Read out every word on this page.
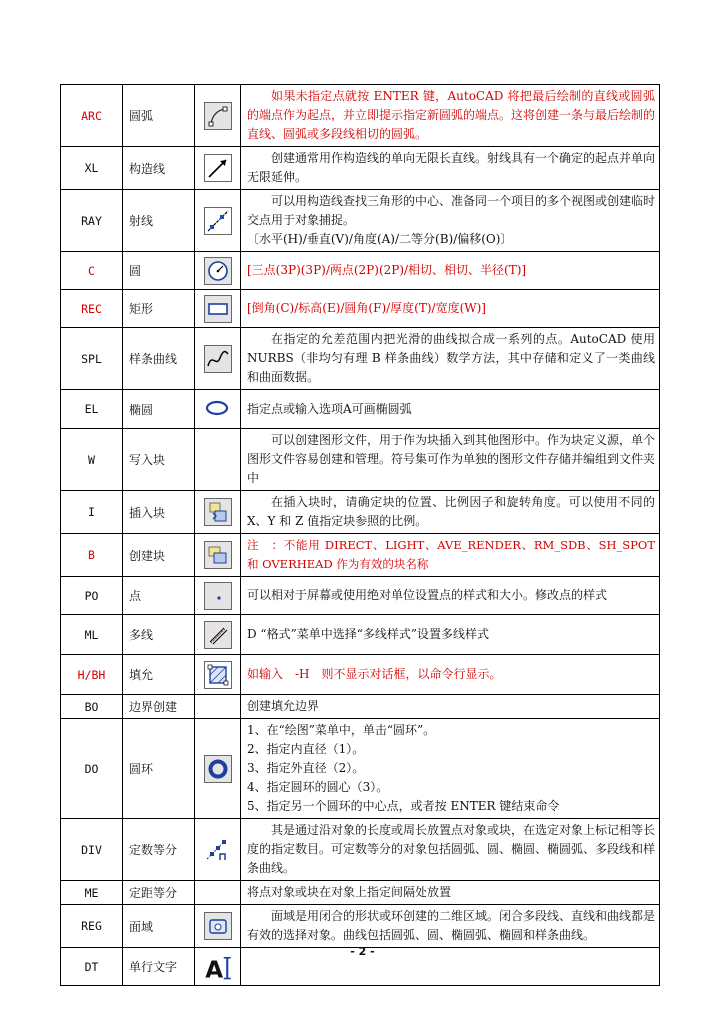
ARC	圆弧		如果未指定点就按 ENTER 键，AutoCAD 将把最后绘制的直线或圆弧的端点作为起点，并立即提示指定新圆弧的端点。这将创建一条与最后绘制的直线、圆弧或多段线相切的圆弧。
XL	构造线		创建通常用作构造线的单向无限长直线。射线具有一个确定的起点并单向无限延伸。
RAY	射线		可以用构造线查找三角形的中心、准备同一个项目的多个视图或创建临时交点用于对象捕捉。
〔水平(H)/垂直(V)/角度(A)/二等分(B)/偏移(O)〕

C	圆		[三点(3P)(3P)/两点(2P)(2P)/相切、相切、半径(T)]
REC	矩形		[倒角(C)/标高(E)/圆角(F)/厚度(T)/宽度(W)]
SPL	样条曲线		在指定的允差范围内把光滑的曲线拟合成一系列的点。AutoCAD 使用 NURBS（非均匀有理 B 样条曲线）数学方法，其中存储和定义了一类曲线和曲面数据。
EL	椭圆		指定点或输入选项A可画椭圆弧
W	写入块		可以创建图形文件，用于作为块插入到其他图形中。作为块定义源，单个图形文件容易创建和管理。符号集可作为单独的图形文件存储并编组到文件夹中
I	插入块		在插入块时，请确定块的位置、比例因子和旋转角度。可以使用不同的 X、Y 和 Z 值指定块参照的比例。
B	创建块		注　：不能用 DIRECT、LIGHT、AVE_RENDER、RM_SDB、SH_SPOT 和 OVERHEAD 作为有效的块名称
PO	点		可以相对于屏幕或使用绝对单位设置点的样式和大小。修改点的样式
ML	多线		D “格式”菜单中选择“多线样式”设置多线样式
H/BH	填允		如输入　-H　则不显示对话框，以命令行显示。
BO	边界创建		创建填允边界
DO	圆环		1、在“绘图”菜单中，单击“圆环”。
2、指定内直径（1）。
3、指定外直径（2）。
4、指定圆环的圆心（3）。
5、指定另一个圆环的中心点，或者按 ENTER 键结束命令

DIV	定数等分		其是通过沿对象的长度或周长放置点对象或块，在选定对象上标记相等长度的指定数目。可定数等分的对象包括圆弧、圆、椭圆、椭圆弧、多段线和样条曲线。
ME	定距等分		将点对象或块在对象上指定间隔处放置
REG	面域		面域是用闭合的形状或环创建的二维区域。闭合多段线、直线和曲线都是有效的选择对象。曲线包括圆弧、圆、椭圆弧、椭圆和样条曲线。
DT	单行文字	A	

- 2 -
